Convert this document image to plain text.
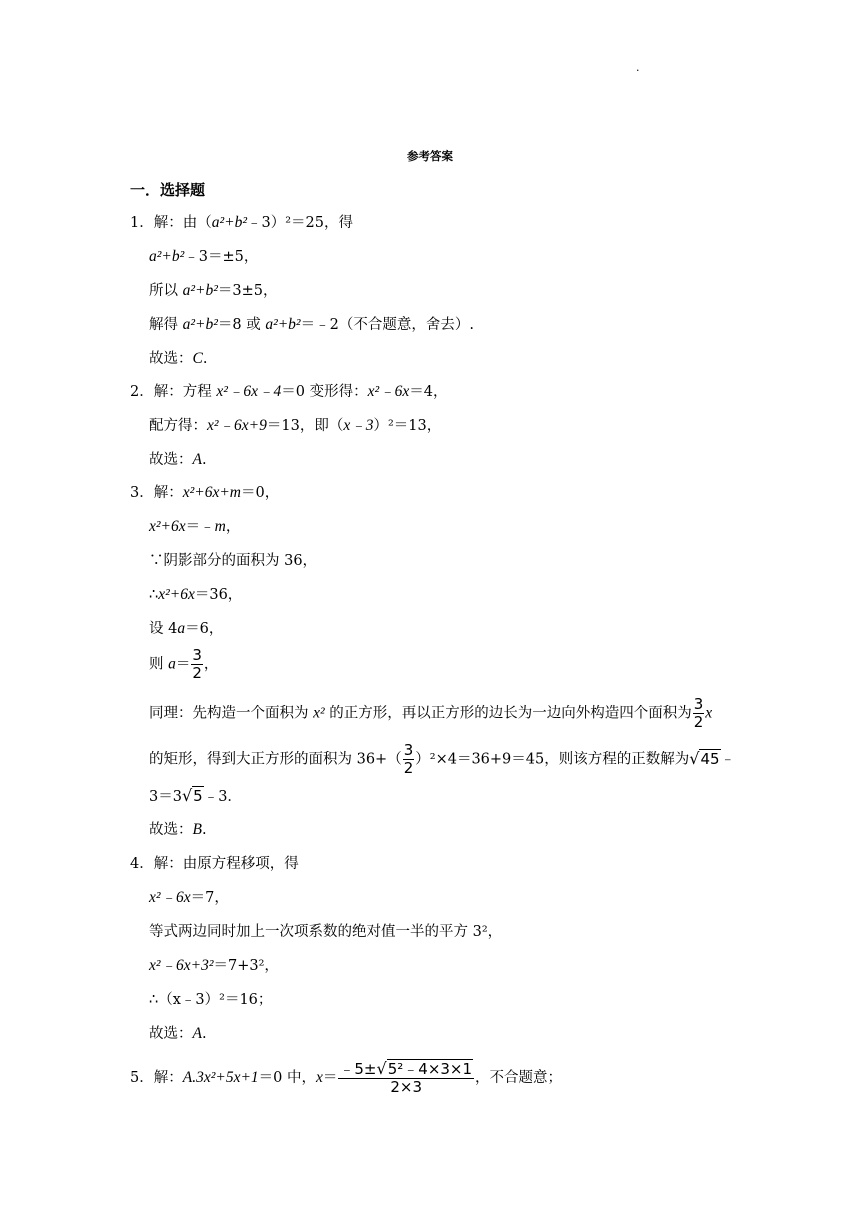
·
参考答案
一．选择题
1．解：由（a²+b²﹣3）²＝25，得
a²+b²﹣3＝±5，
所以 a²+b²＝3±5，
解得 a²+b²＝8 或 a²+b²＝﹣2（不合题意，舍去）.
故选：C.
2．解：方程 x²﹣6x﹣4＝0 变形得：x²﹣6x＝4，
配方得：x²﹣6x+9＝13，即（x﹣3）²＝13，
故选：A.
3．解：x²+6x+m＝0，
x²+6x＝﹣m，
∵阴影部分的面积为 36，
∴x²+6x＝36，
设 4a＝6，
则 $a= \frac{3}{2}$ ，
同理：先构造一个面积为 x² 的正方形，再以正方形的边长为一边向外构造四个面积为 $\frac{3}{2}$ x
的矩形，得到大正方形的面积为 $36+( \frac{3}{2} )^2\times 4=36+9=45$，则该方程的正数解为√45﹣
3＝3√5﹣3．
故选：B.
4．解：由原方程移项，得
x²﹣6x＝7，
等式两边同时加上一次项系数的绝对值一半的平方 3²，
x²﹣6x+3²＝7+3²，
∴（x﹣3）²＝16；
故选：A.
5．解：A.3x²+5x+1＝0 中，$x= \frac{\text{﹣5±√5²﹣4×3×1}}{2\times 3}$ ，不合题意；
